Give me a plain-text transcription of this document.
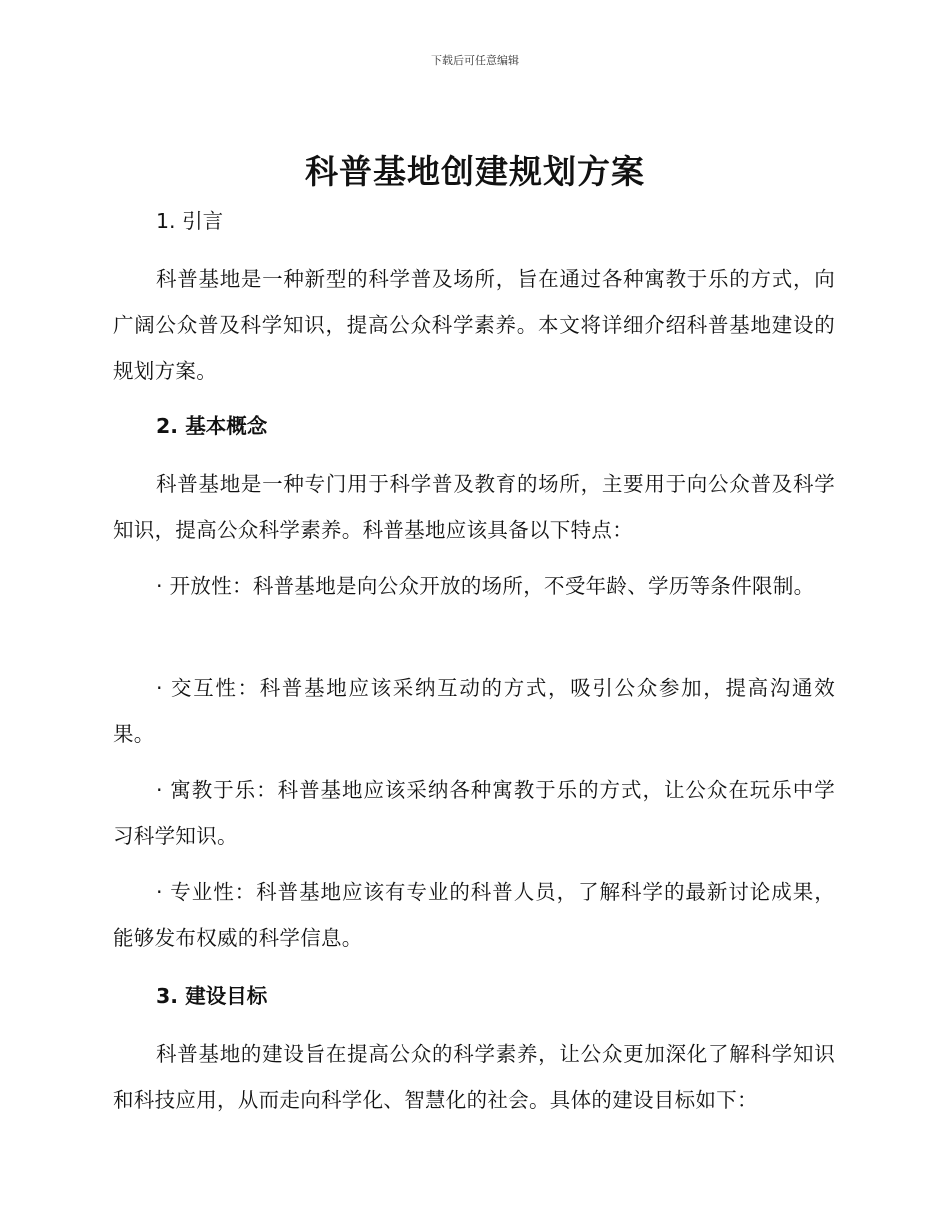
下载后可任意编辑
科普基地创建规划方案
1. 引言

科普基地是一种新型的科学普及场所，旨在通过各种寓教于乐的方式，向广阔公众普及科学知识，提高公众科学素养。本文将详细介绍科普基地建设的规划方案。

2. 基本概念

科普基地是一种专门用于科学普及教育的场所，主要用于向公众普及科学知识，提高公众科学素养。科普基地应该具备以下特点：

· 开放性：科普基地是向公众开放的场所，不受年龄、学历等条件限制。

· 交互性：科普基地应该采纳互动的方式，吸引公众参加，提高沟通效果。

· 寓教于乐：科普基地应该采纳各种寓教于乐的方式，让公众在玩乐中学习科学知识。

· 专业性：科普基地应该有专业的科普人员，了解科学的最新讨论成果，能够发布权威的科学信息。

3. 建设目标

科普基地的建设旨在提高公众的科学素养，让公众更加深化了解科学知识和科技应用，从而走向科学化、智慧化的社会。具体的建设目标如下：
